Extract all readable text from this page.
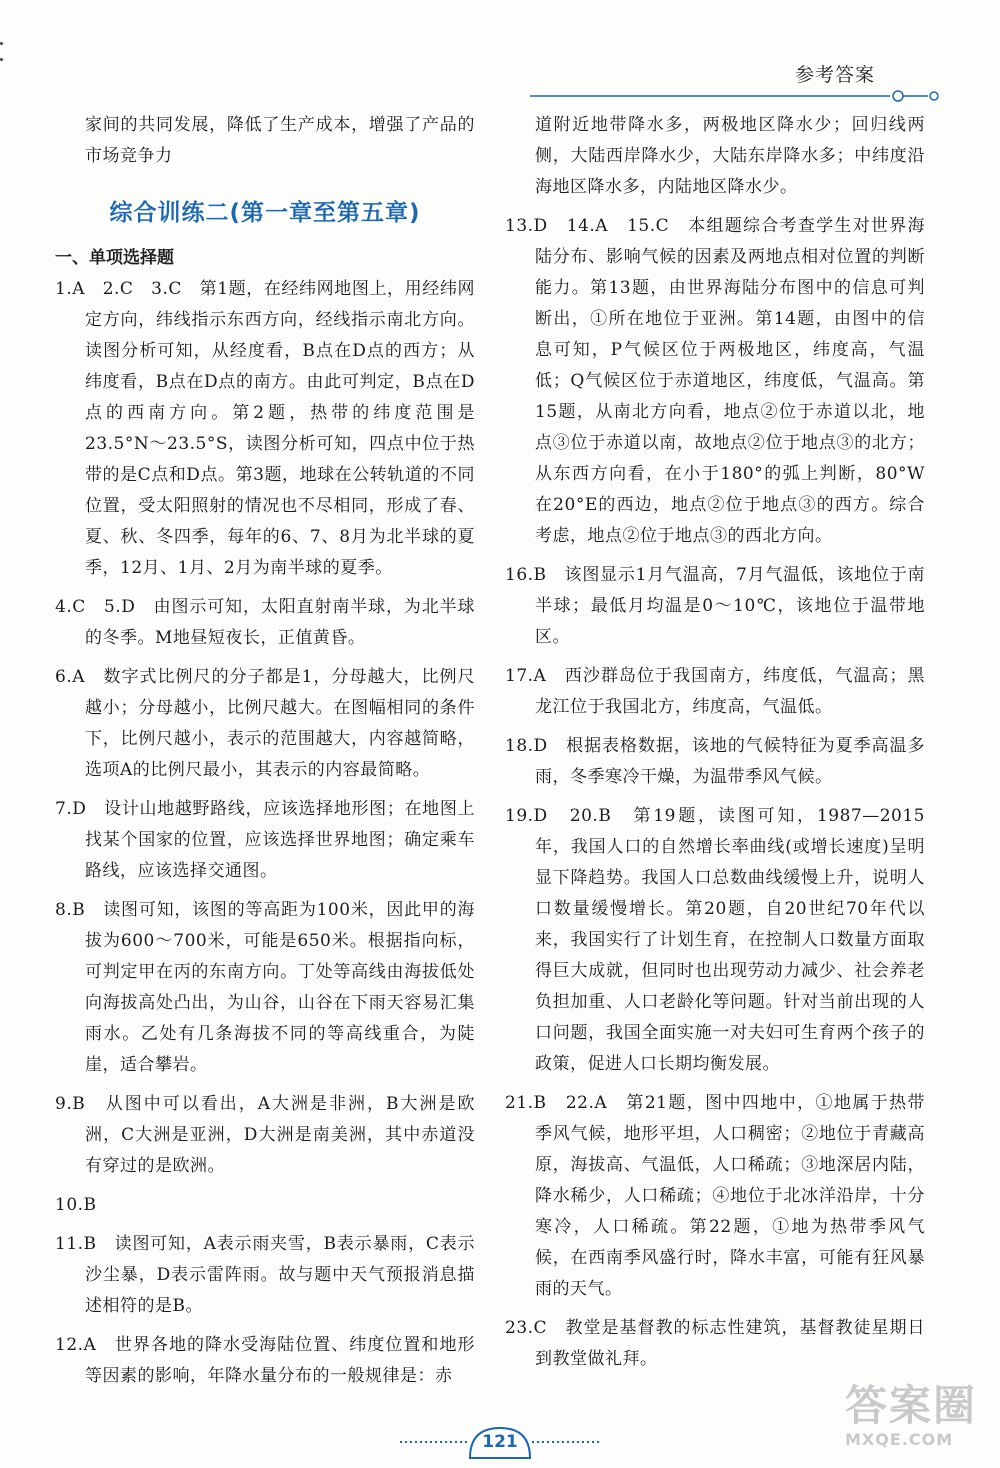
参考答案

家间的共同发展，降低了生产成本，增强了产品的市场竞争力

综合训练二(第一章至第五章)
一、单项选择题

1.A　2.C　3.C　第1题，在经纬网地图上，用经纬网定方向，纬线指示东西方向，经线指示南北方向。读图分析可知，从经度看，B点在D点的西方；从纬度看，B点在D点的南方。由此可判定，B点在D点的西南方向。第2题，热带的纬度范围是23.5°N～23.5°S，读图分析可知，四点中位于热带的是C点和D点。第3题，地球在公转轨道的不同位置，受太阳照射的情况也不尽相同，形成了春、夏、秋、冬四季，每年的6、7、8月为北半球的夏季，12月、1月、2月为南半球的夏季。

4.C　5.D　由图示可知，太阳直射南半球，为北半球的冬季。M地昼短夜长，正值黄昏。

6.A　数字式比例尺的分子都是1，分母越大，比例尺越小；分母越小，比例尺越大。在图幅相同的条件下，比例尺越小，表示的范围越大，内容越简略，选项A的比例尺最小，其表示的内容最简略。

7.D　设计山地越野路线，应该选择地形图；在地图上找某个国家的位置，应该选择世界地图；确定乘车路线，应该选择交通图。

8.B　读图可知，该图的等高距为100米，因此甲的海拔为600～700米，可能是650米。根据指向标，可判定甲在丙的东南方向。丁处等高线由海拔低处向海拔高处凸出，为山谷，山谷在下雨天容易汇集雨水。乙处有几条海拔不同的等高线重合，为陡崖，适合攀岩。

9.B　从图中可以看出，A大洲是非洲，B大洲是欧洲，C大洲是亚洲，D大洲是南美洲，其中赤道没有穿过的是欧洲。

10.B

11.B　读图可知，A表示雨夹雪，B表示暴雨，C表示沙尘暴，D表示雷阵雨。故与题中天气预报消息描述相符的是B。

12.A　世界各地的降水受海陆位置、纬度位置和地形等因素的影响，年降水量分布的一般规律是：赤

道附近地带降水多，两极地区降水少；回归线两侧，大陆西岸降水少，大陆东岸降水多；中纬度沿海地区降水多，内陆地区降水少。

13.D　14.A　15.C　本组题综合考查学生对世界海陆分布、影响气候的因素及两地点相对位置的判断能力。第13题，由世界海陆分布图中的信息可判断出，①所在地位于亚洲。第14题，由图中的信息可知，P气候区位于两极地区，纬度高，气温低；Q气候区位于赤道地区，纬度低，气温高。第15题，从南北方向看，地点②位于赤道以北，地点③位于赤道以南，故地点②位于地点③的北方；从东西方向看，在小于180°的弧上判断，80°W在20°E的西边，地点②位于地点③的西方。综合考虑，地点②位于地点③的西北方向。

16.B　该图显示1月气温高，7月气温低，该地位于南半球；最低月均温是0～10℃，该地位于温带地区。

17.A　西沙群岛位于我国南方，纬度低，气温高；黑龙江位于我国北方，纬度高，气温低。

18.D　根据表格数据，该地的气候特征为夏季高温多雨，冬季寒冷干燥，为温带季风气候。

19.D　20.B　第19题，读图可知，1987—2015年，我国人口的自然增长率曲线(或增长速度)呈明显下降趋势。我国人口总数曲线缓慢上升，说明人口数量缓慢增长。第20题，自20世纪70年代以来，我国实行了计划生育，在控制人口数量方面取得巨大成就，但同时也出现劳动力减少、社会养老负担加重、人口老龄化等问题。针对当前出现的人口问题，我国全面实施一对夫妇可生育两个孩子的政策，促进人口长期均衡发展。

21.B　22.A　第21题，图中四地中，①地属于热带季风气候，地形平坦，人口稠密；②地位于青藏高原，海拔高、气温低，人口稀疏；③地深居内陆，降水稀少，人口稀疏；④地位于北冰洋沿岸，十分寒冷，人口稀疏。第22题，①地为热带季风气候，在西南季风盛行时，降水丰富，可能有狂风暴雨的天气。

23.C　教堂是基督教的标志性建筑，基督教徒星期日到教堂做礼拜。

121
答案圈
MXQE.COM
